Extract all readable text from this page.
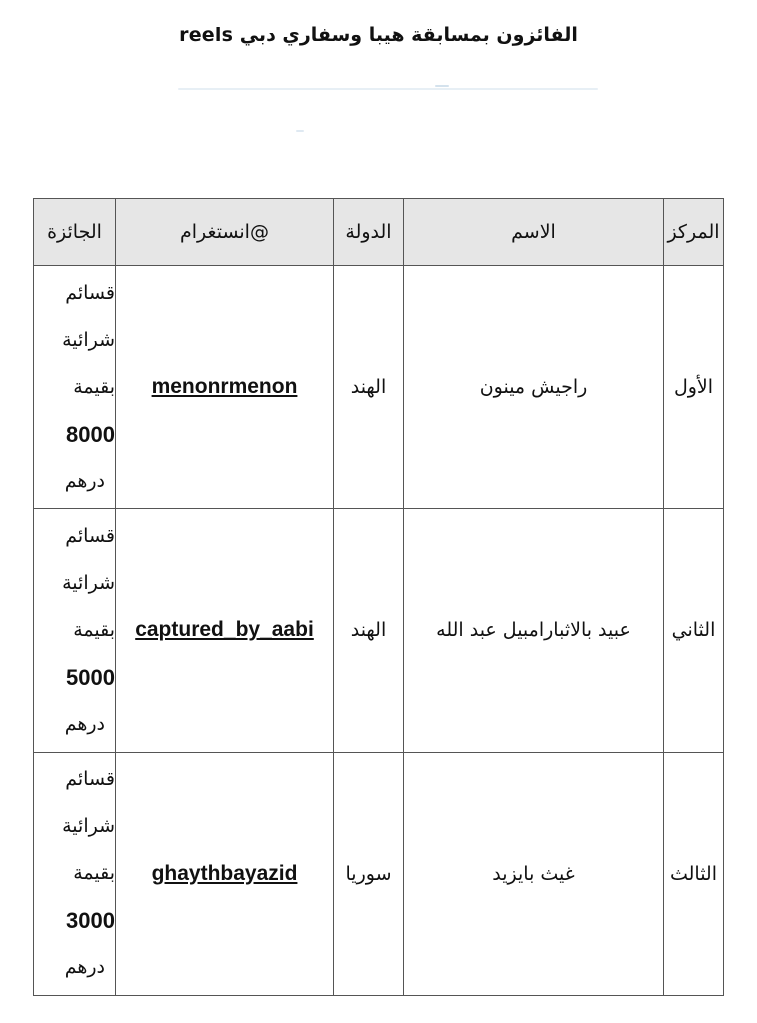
الفائزون بمسابقة هيبا وسفاري دبي reels
المركز	الاسم	الدولة	@انستغرام	الجائزة
الأول	راجيش مينون	الهند	menonrmenon	قسائم
شرائية
بقيمة
8000
درهم

الثاني	عبيد بالاثبارامبيل عبد الله	الهند	captured_by_aabi	قسائم
شرائية
بقيمة
5000
درهم

الثالث	غيث بايزيد	سوريا	ghaythbayazid	قسائم
شرائية
بقيمة
3000
درهم
